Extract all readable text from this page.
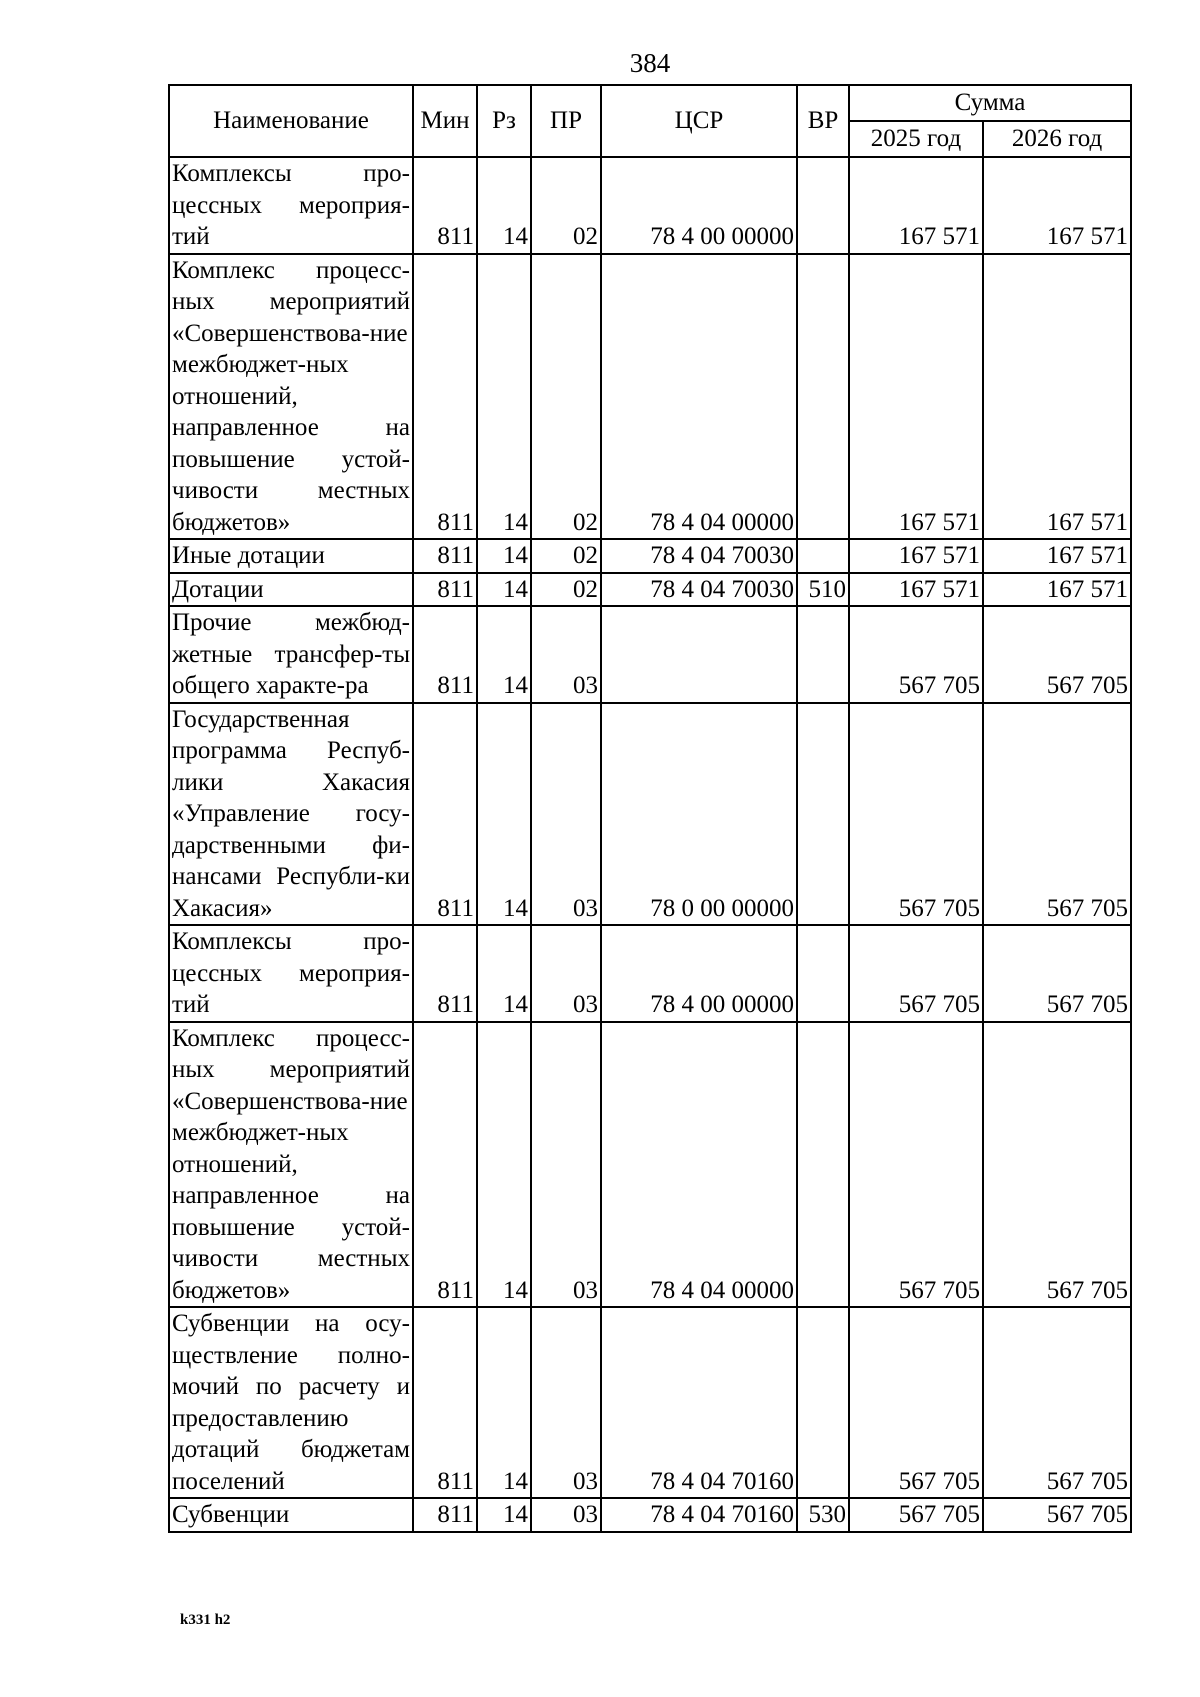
384
Наименование	Мин	Рз	ПР	ЦСР	ВР	Сумма	
						2025 год	2026 год
Комплексы про-цессных мероприя-тий	811	14	02	78 4 00 00000		167 571	167 571
Комплекс процесс-ных мероприятий «Совершенствова-ние межбюджет-ных отношений, направленное на повышение устой-чивости местных бюджетов»	811	14	02	78 4 04 00000		167 571	167 571
Иные дотации	811	14	02	78 4 04 70030		167 571	167 571
Дотации	811	14	02	78 4 04 70030	510	167 571	167 571
Прочие межбюд-жетные трансфер-ты общего характе-ра	811	14	03			567 705	567 705
Государственная программа Респуб-лики Хакасия «Управление госу-дарственными фи-нансами Республи-ки Хакасия»	811	14	03	78 0 00 00000		567 705	567 705
Комплексы про-цессных мероприя-тий	811	14	03	78 4 00 00000		567 705	567 705
Комплекс процесс-ных мероприятий «Совершенствова-ние межбюджет-ных отношений, направленное на повышение устой-чивости местных бюджетов»	811	14	03	78 4 04 00000		567 705	567 705
Субвенции на осу-ществление полно-мочий по расчету и предоставлению дотаций бюджетам поселений	811	14	03	78 4 04 70160		567 705	567 705
Субвенции	811	14	03	78 4 04 70160	530	567 705	567 705
k331 h2
